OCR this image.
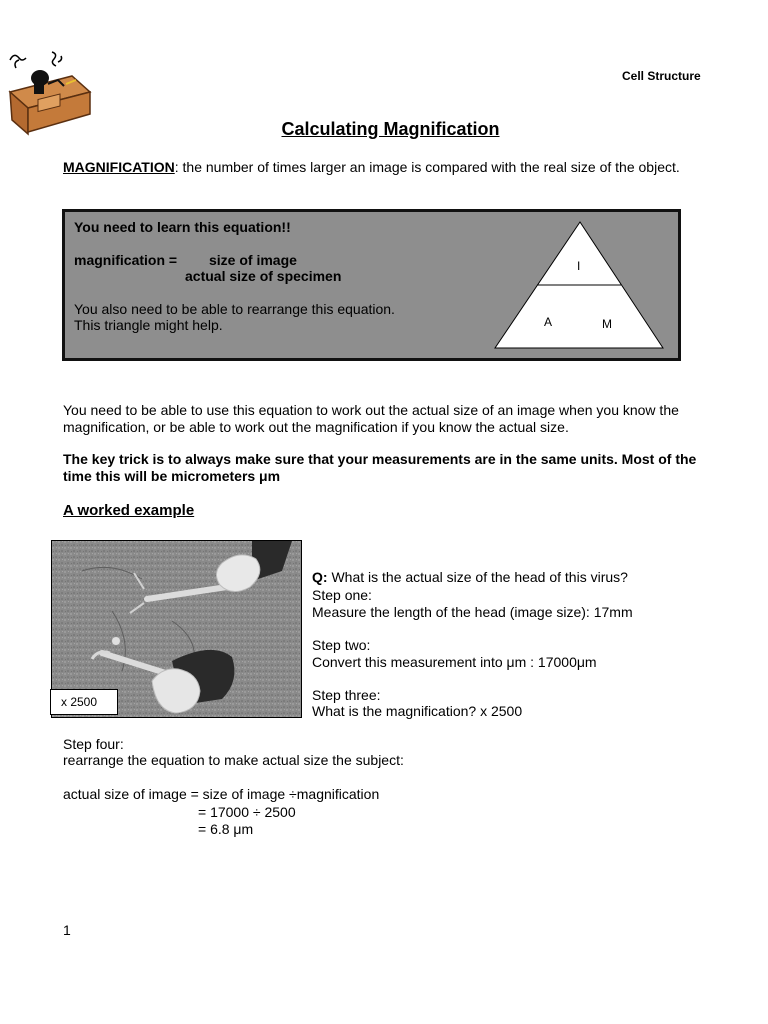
Cell Structure
Calculating Magnification

MAGNIFICATION: the number of times larger an image is compared with the real size of the object.

You need to learn this equation!!
magnification = size of image
actual size of specimen
You also need to be able to rearrange this equation.
This triangle might help.
I
A	M

You need to be able to use this equation to work out the actual size of an image when you know the magnification, or be able to work out the magnification if you know the actual size.

The key trick is to always make sure that your measurements are in the same units. Most of the time this will be micrometers μm

A worked example
x 2500

Q: What is the actual size of the head of this virus?

Step one:
Measure the length of the head (image size): 17mm
Step two:
Convert this measurement into μm : 17000μm
Step three:
What is the magnification? x 2500
Step four:
rearrange the equation to make actual size the subject:
actual size of image = size of image ÷magnification
= 17000 ÷ 2500
= 6.8 μm
1
